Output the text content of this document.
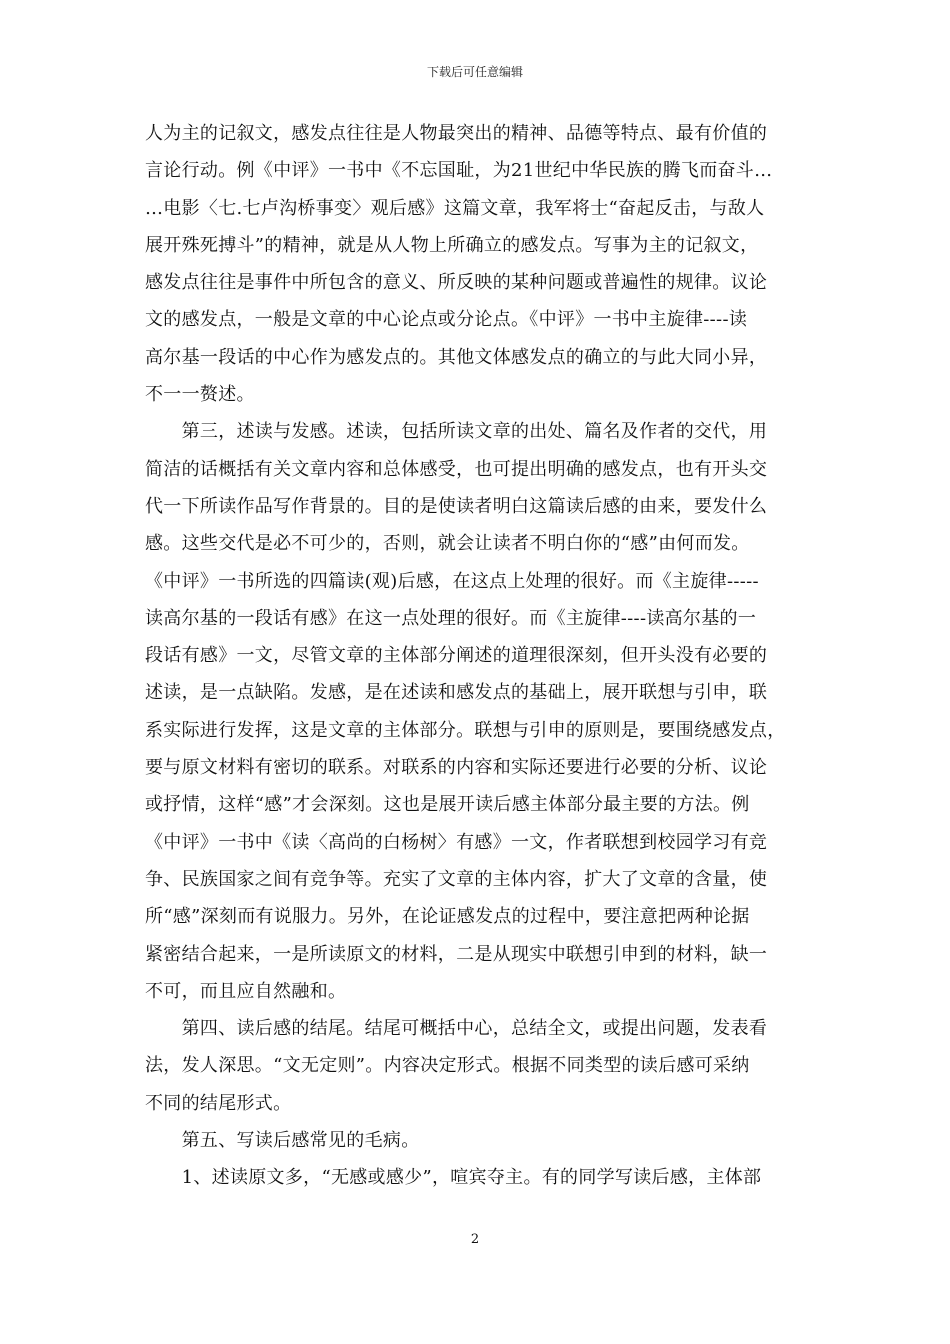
下载后可任意编辑
人为主的记叙文，感发点往往是人物最突出的精神、品德等特点、最有价值的
言论行动。例《中评》一书中《不忘国耻，为21世纪中华民族的腾飞而奋斗…
…电影〈七.七卢沟桥事变〉观后感》这篇文章，我军将士“奋起反击，与敌人
展开殊死搏斗”的精神，就是从人物上所确立的感发点。写事为主的记叙文，
感发点往往是事件中所包含的意义、所反映的某种问题或普遍性的规律。议论
文的感发点，一般是文章的中心论点或分论点。《中评》一书中主旋律----读
高尔基一段话的中心作为感发点的。其他文体感发点的确立的与此大同小异，
不一一赘述。
　　第三，述读与发感。述读，包括所读文章的出处、篇名及作者的交代，用
简洁的话概括有关文章内容和总体感受，也可提出明确的感发点，也有开头交
代一下所读作品写作背景的。目的是使读者明白这篇读后感的由来，要发什么
感。这些交代是必不可少的，否则，就会让读者不明白你的“感”由何而发。
《中评》一书所选的四篇读(观)后感，在这点上处理的很好。而《主旋律-----
读高尔基的一段话有感》在这一点处理的很好。而《主旋律----读高尔基的一
段话有感》一文，尽管文章的主体部分阐述的道理很深刻，但开头没有必要的
述读，是一点缺陷。发感，是在述读和感发点的基础上，展开联想与引申，联
系实际进行发挥，这是文章的主体部分。联想与引申的原则是，要围绕感发点，
要与原文材料有密切的联系。对联系的内容和实际还要进行必要的分析、议论
或抒情，这样“感”才会深刻。这也是展开读后感主体部分最主要的方法。例
《中评》一书中《读〈高尚的白杨树〉有感》一文，作者联想到校园学习有竞
争、民族国家之间有竞争等。充实了文章的主体内容，扩大了文章的含量，使
所“感”深刻而有说服力。另外，在论证感发点的过程中，要注意把两种论据
紧密结合起来，一是所读原文的材料，二是从现实中联想引申到的材料，缺一
不可，而且应自然融和。
　　第四、读后感的结尾。结尾可概括中心，总结全文，或提出问题，发表看
法，发人深思。“文无定则”。内容决定形式。根据不同类型的读后感可采纳
不同的结尾形式。
　　第五、写读后感常见的毛病。
　　1、述读原文多，“无感或感少”，喧宾夺主。有的同学写读后感，主体部
2
